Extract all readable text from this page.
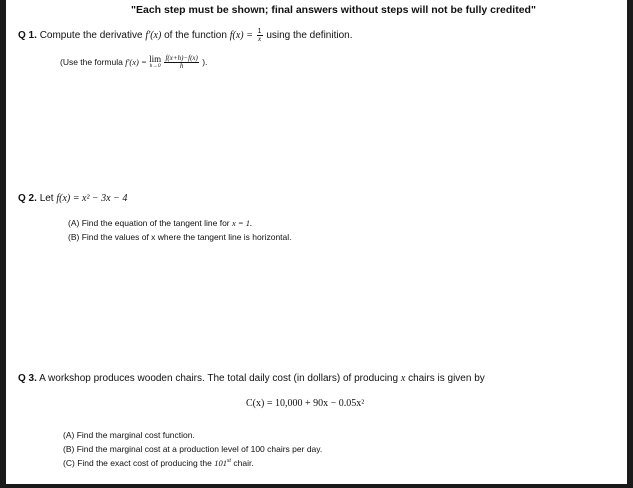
"Each step must be shown; final answers without steps will not be fully credited"
Q 1. Compute the derivative f'(x) of the function $f(x) = \frac{1}{x}$ using the definition.
(Use the formula f'(x) = lim
h→0
$\frac{f(x+h)-f(x)}{h}$ ).
Q 2. Let f(x) = x² − 3x − 4
(A) Find the equation of the tangent line for x = 1.
(B) Find the values of x where the tangent line is horizontal.
Q 3. A workshop produces wooden chairs. The total daily cost (in dollars) of producing x chairs is given by
C(x) = 10,000 + 90x − 0.05x²
(A) Find the marginal cost function.
(B) Find the marginal cost at a production level of 100 chairs per day.
(C) Find the exact cost of producing the 101st chair.
